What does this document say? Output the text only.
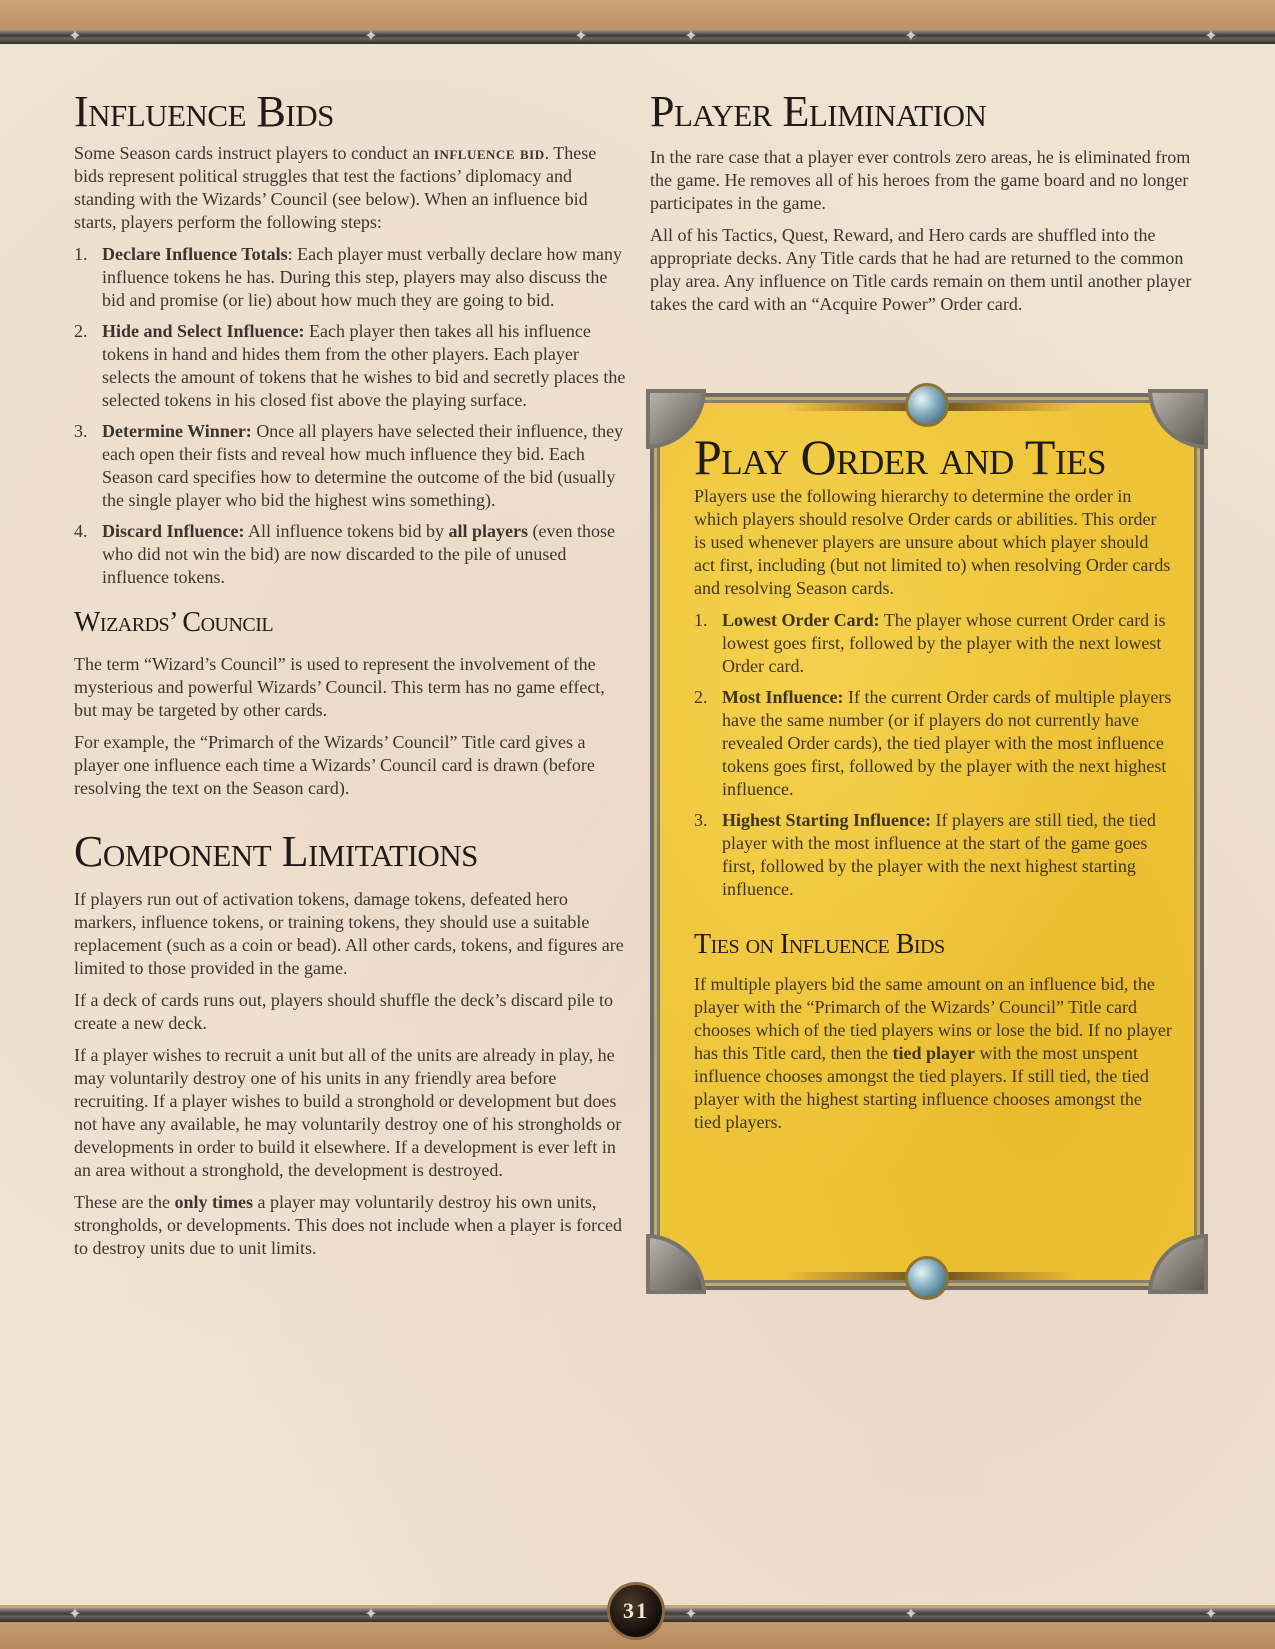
✦	✦	✦	✦	✦	✦
✦	✦	✦	✦	✦
31
Influence Bids

Some Season cards instruct players to conduct an influence bid. These bids represent political struggles that test the factions’ diplomacy and standing with the Wizards’ Council (see below). When an influence bid starts, players perform the following steps:

1. Declare Influence Totals: Each player must verbally declare how many influence tokens he has. During this step, players may also discuss the bid and promise (or lie) about how much they are going to bid.
2. Hide and Select Influence: Each player then takes all his influence tokens in hand and hides them from the other players. Each player selects the amount of tokens that he wishes to bid and secretly places the selected tokens in his closed fist above the playing surface.
3. Determine Winner: Once all players have selected their influence, they each open their fists and reveal how much influence they bid. Each Season card specifies how to determine the outcome of the bid (usually the single player who bid the highest wins something).
4. Discard Influence: All influence tokens bid by all players (even those who did not win the bid) are now discarded to the pile of unused influence tokens.
Wizards’ Council

The term “Wizard’s Council” is used to represent the involvement of the mysterious and powerful Wizards’ Council. This term has no game effect, but may be targeted by other cards.

For example, the “Primarch of the Wizards’ Council” Title card gives a player one influence each time a Wizards’ Council card is drawn (before resolving the text on the Season card).

Component Limitations

If players run out of activation tokens, damage tokens, defeated hero markers, influence tokens, or training tokens, they should use a suitable replacement (such as a coin or bead). All other cards, tokens, and figures are limited to those provided in the game.

If a deck of cards runs out, players should shuffle the deck’s discard pile to create a new deck.

If a player wishes to recruit a unit but all of the units are already in play, he may voluntarily destroy one of his units in any friendly area before recruiting. If a player wishes to build a stronghold or development but does not have any available, he may voluntarily destroy one of his strongholds or developments in order to build it elsewhere. If a development is ever left in an area without a stronghold, the development is destroyed.

These are the only times a player may voluntarily destroy his own units, strongholds, or developments. This does not include when a player is forced to destroy units due to unit limits.

Player Elimination

In the rare case that a player ever controls zero areas, he is eliminated from the game. He removes all of his heroes from the game board and no longer participates in the game.

All of his Tactics, Quest, Reward, and Hero cards are shuffled into the appropriate decks. Any Title cards that he had are returned to the common play area. Any influence on Title cards remain on them until another player takes the card with an “Acquire Power” Order card.

Play Order and Ties

Players use the following hierarchy to determine the order in which players should resolve Order cards or abilities. This order is used whenever players are unsure about which player should act first, including (but not limited to) when resolving Order cards and resolving Season cards.

1. Lowest Order Card: The player whose current Order card is lowest goes first, followed by the player with the next lowest Order card.
2. Most Influence: If the current Order cards of multiple players have the same number (or if players do not currently have revealed Order cards), the tied player with the most influence tokens goes first, followed by the player with the next highest influence.
3. Highest Starting Influence: If players are still tied, the tied player with the most influence at the start of the game goes first, followed by the player with the next highest starting influence.
Ties on Influence Bids

If multiple players bid the same amount on an influence bid, the player with the “Primarch of the Wizards’ Council” Title card chooses which of the tied players wins or lose the bid. If no player has this Title card, then the tied player with the most unspent influence chooses amongst the tied players. If still tied, the tied player with the highest starting influence chooses amongst the tied players.
